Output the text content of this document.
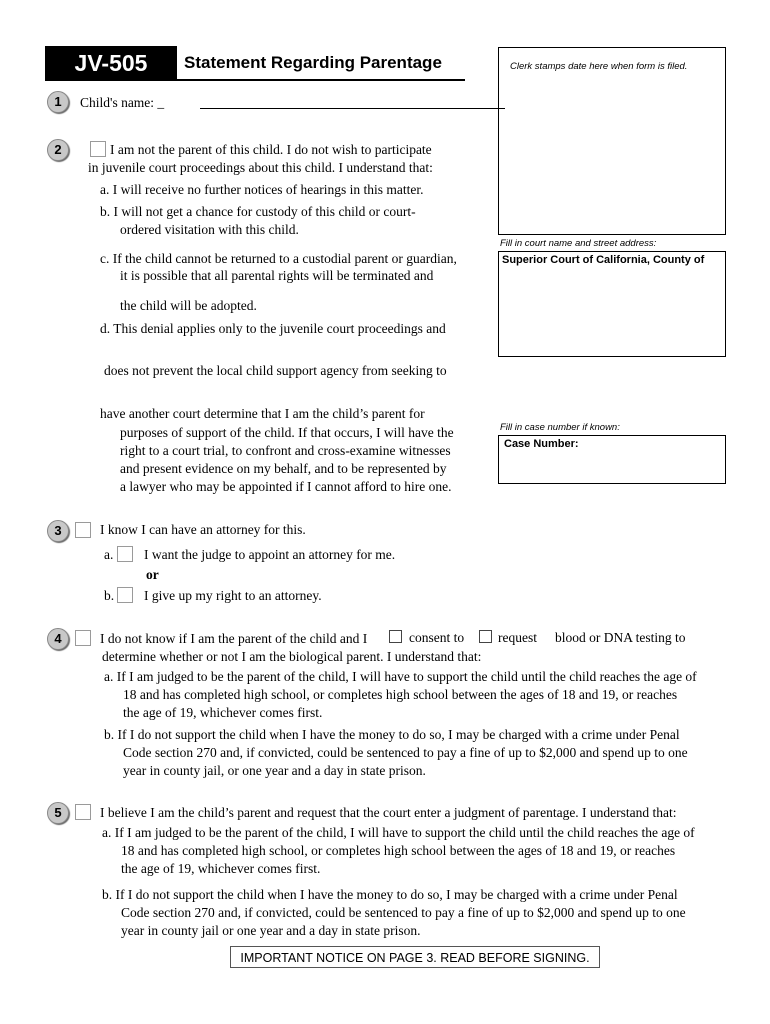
JV-505	Statement Regarding Parentage	Clerk stamps date here when form is filed.
Fill in court name and street address:
Superior Court of California, County of
Fill in case number if known:
Case Number:
1	Child's name: _
2	I am not the parent of this child. I do not wish to participate
in juvenile court proceedings about this child. I understand that:
a. I will receive no further notices of hearings in this matter.
b. I will not get a chance for custody of this child or court-
ordered visitation with this child.
c. If the child cannot be returned to a custodial parent or guardian,
it is possible that all parental rights will be terminated and
the child will be adopted.
d. This denial applies only to the juvenile court proceedings and
does not prevent the local child support agency from seeking to
have another court determine that I am the child’s parent for
purposes of support of the child. If that occurs, I will have the
right to a court trial, to confront and cross-examine witnesses
and present evidence on my behalf, and to be represented by
a lawyer who may be appointed if I cannot afford to hire one.
3	I know I can have an attorney for this.
a. I want the judge to appoint an attorney for me.
or
b. I give up my right to an attorney.
4	I do not know if I am the parent of the child and I	consent to	request blood or DNA testing to
determine whether or not I am the biological parent. I understand that:
a. If I am judged to be the parent of the child, I will have to support the child until the child reaches the age of
18 and has completed high school, or completes high school between the ages of 18 and 19, or reaches
the age of 19, whichever comes first.
b. If I do not support the child when I have the money to do so, I may be charged with a crime under Penal
Code section 270 and, if convicted, could be sentenced to pay a fine of up to $2,000 and spend up to one
year in county jail, or one year and a day in state prison.
5	I believe I am the child’s parent and request that the court enter a judgment of parentage. I understand that:
a. If I am judged to be the parent of the child, I will have to support the child until the child reaches the age of
18 and has completed high school, or completes high school between the ages of 18 and 19, or reaches
the age of 19, whichever comes first.
b. If I do not support the child when I have the money to do so, I may be charged with a crime under Penal
Code section 270 and, if convicted, could be sentenced to pay a fine of up to $2,000 and spend up to one
year in county jail or one year and a day in state prison.
IMPORTANT NOTICE ON PAGE 3. READ BEFORE SIGNING.
